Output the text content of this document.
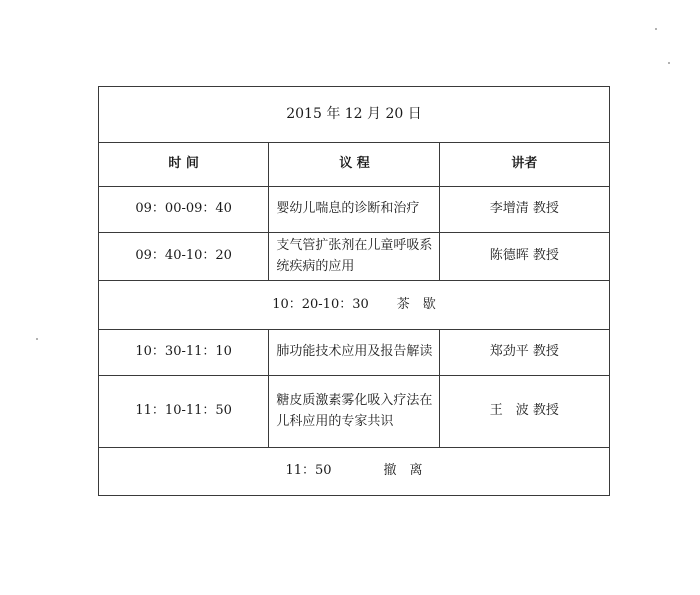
2015 年 12 月 20 日		
时 间	议 程	讲者
09：00-09：40	婴幼儿喘息的诊断和治疗	李增清 教授
09：40-10：20	支气管扩张剂在儿童呼吸系统疾病的应用	陈德晖 教授
10：20-10：30 茶　歇		
10：30-11：10	肺功能技术应用及报告解读	郑劲平 教授
11：10-11：50	糖皮质激素雾化吸入疗法在儿科应用的专家共识	王　波 教授
11：50 撤　离		
